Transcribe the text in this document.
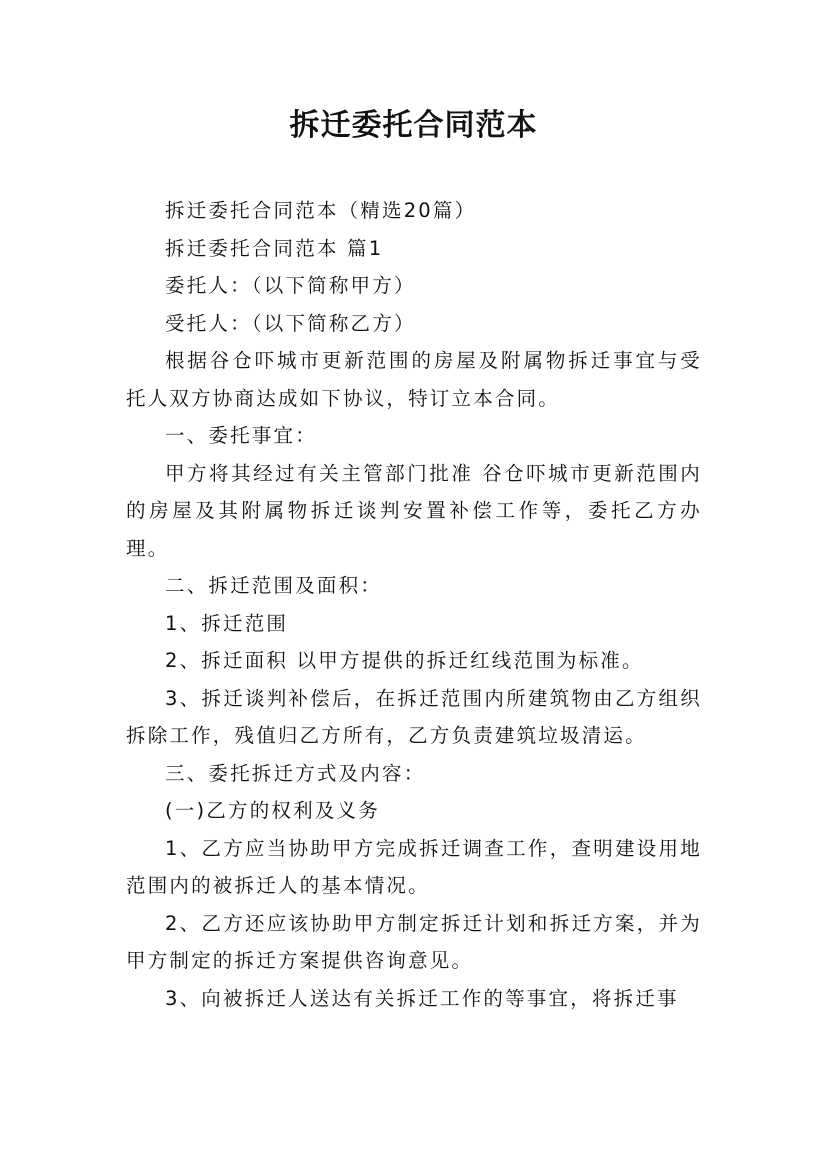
拆迁委托合同范本

拆迁委托合同范本（精选20篇）

拆迁委托合同范本 篇1

委托人：（以下简称甲方）

受托人：（以下简称乙方）

根据谷仓吓城市更新范围的房屋及附属物拆迁事宜与受托人双方协商达成如下协议，特订立本合同。

一、委托事宜：

甲方将其经过有关主管部门批准 谷仓吓城市更新范围内的房屋及其附属物拆迁谈判安置补偿工作等，委托乙方办理。

二、拆迁范围及面积：

1、拆迁范围

2、拆迁面积 以甲方提供的拆迁红线范围为标准。

3、拆迁谈判补偿后，在拆迁范围内所建筑物由乙方组织拆除工作，残值归乙方所有，乙方负责建筑垃圾清运。

三、委托拆迁方式及内容：

(一)乙方的权利及义务

1、乙方应当协助甲方完成拆迁调查工作，查明建设用地范围内的被拆迁人的基本情况。

2、乙方还应该协助甲方制定拆迁计划和拆迁方案，并为甲方制定的拆迁方案提供咨询意见。

3、向被拆迁人送达有关拆迁工作的等事宜，将拆迁事
